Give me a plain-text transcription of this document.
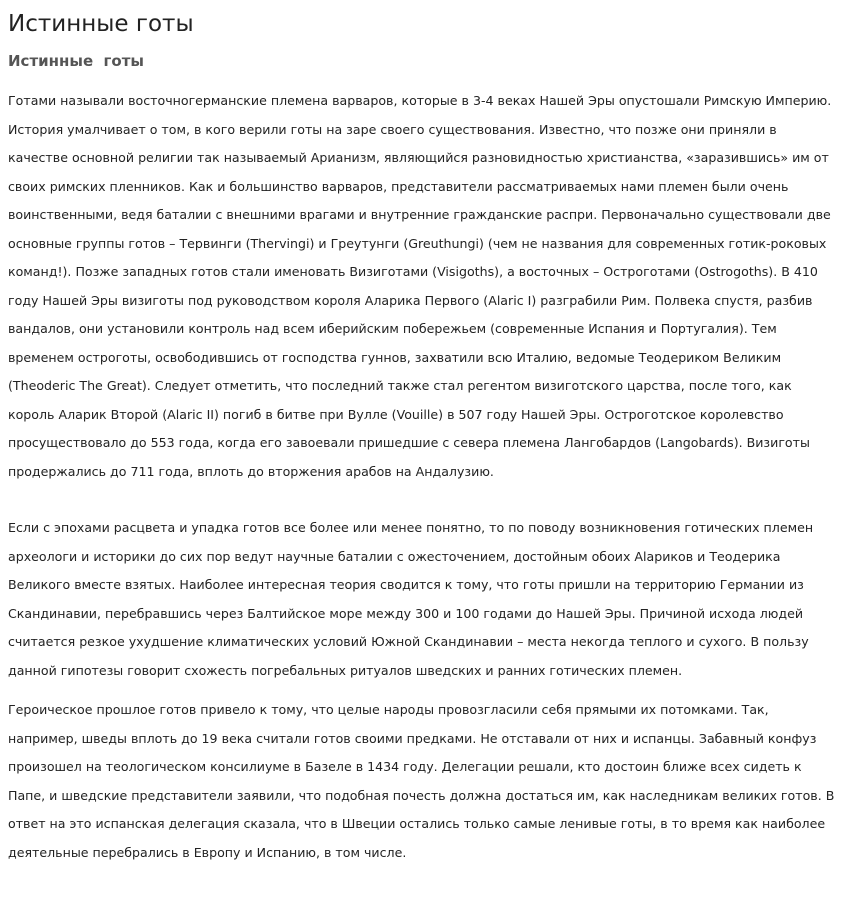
Истинные готы
Истинные  готы

Готами называли восточногерманские племена варваров, которые в 3-4 веках Нашей Эры опустошали Римскую Империю. История умалчивает о том, в кого верили готы на заре своего существования. Известно, что позже они приняли в качестве основной религии так называемый Арианизм, являющийся разновидностью христианства, «заразившись» им от своих римских пленников. Как и большинство варваров, представители рассматриваемых нами племен были очень воинственными, ведя баталии с внешними врагами и внутренние гражданские распри. Первоначально существовали две основные группы готов – Тервинги (Thervingi) и Греутунги (Greuthungi) (чем не названия для современных готик-роковых команд!). Позже западных готов стали именовать Визиготами (Visigoths), а восточных – Остроготами (Ostrogoths). В 410 году Нашей Эры визиготы под руководством короля Аларика Первого (Alaric I) разграбили Рим. Полвека спустя, разбив вандалов, они установили контроль над всем иберийским побережьем (современные Испания и Португалия). Тем временем остроготы, освободившись от господства гуннов, захватили всю Италию, ведомые Теодериком Великим (Theoderic The Great). Следует отметить, что последний также стал регентом визиготского царства, после того, как король Аларик Второй (Alaric II) погиб в битве при Вулле (Vouille) в 507 году Нашей Эры. Остроготское королевство просуществовало до 553 года, когда его завоевали пришедшие с севера племена Лангобардов (Langobards). Визиготы продержались до 711 года, вплоть до вторжения арабов на Андалузию.

Если с эпохами расцвета и упадка готов все более или менее понятно, то по поводу возникновения готических племен археологи и историки до сих пор ведут научные баталии с ожесточением, достойным обоих Alaриков и Теодерика Великого вместе взятых. Наиболее интересная теория сводится к тому, что готы пришли на территорию Германии из Скандинавии, перебравшись через Балтийское море между 300 и 100 годами до Нашей Эры. Причиной исхода людей считается резкое ухудшение климатических условий Южной Скандинавии – места некогда теплого и сухого. В пользу данной гипотезы говорит схожесть погребальных ритуалов шведских и ранних готических племен.

Героическое прошлое готов привело к тому, что целые народы провозгласили себя прямыми их потомками. Так, например, шведы вплоть до 19 века считали готов своими предками. Не отставали от них и испанцы. Забавный конфуз произошел на теологическом консилиуме в Базеле в 1434 году. Делегации решали, кто достоин ближе всех сидеть к Папе, и шведские представители заявили, что подобная почесть должна достаться им, как наследникам великих готов. В ответ на это испанская делегация сказала, что в Швеции остались только самые ленивые готы, в то время как наиболее деятельные перебрались в Европу и Испанию, в том числе.
